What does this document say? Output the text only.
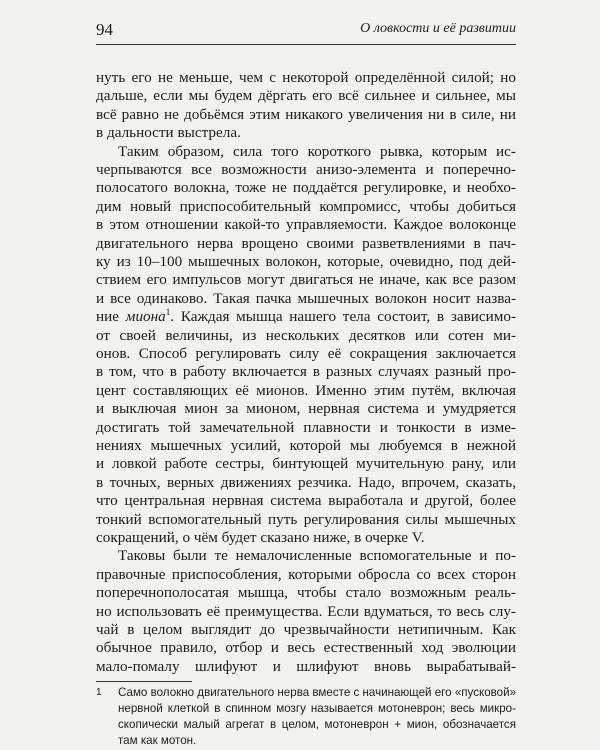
94	О ловкости и её развитии
нуть его не меньше, чем с некоторой определённой силой; но
дальше, если мы будем дёргать его всё сильнее и сильнее, мы
всё равно не добьёмся этим никакого увеличения ни в силе, ни
в дальности выстрела.
Таким образом, сила того короткого рывка, которым ис-
черпываются все возможности анизо-элемента и поперечно-
полосатого волокна, тоже не поддаётся регулировке, и необхо-
дим новый приспособительный компромисс, чтобы добиться
в этом отношении какой-то управляемости. Каждое волоконце
двигательного нерва врощено своими разветвлениями в пач-
ку из 10–100 мышечных волокон, которые, очевидно, под дей-
ствием его импульсов могут двигаться не иначе, как все разом
и все одинаково. Такая пачка мышечных волокон носит назва-
ние миона$^1$. Каждая мышца нашего тела состоит, в зависимо-
от своей величины, из нескольких десятков или сотен ми-
онов. Способ регулировать силу её сокращения заключается
в том, что в работу включается в разных случаях разный про-
цент составляющих её мионов. Именно этим путём, включая
и выключая мион за мионом, нервная система и умудряется
достигать той замечательной плавности и тонкости в изме-
нениях мышечных усилий, которой мы любуемся в нежной
и ловкой работе сестры, бинтующей мучительную рану, или
в точных, верных движениях резчика. Надо, впрочем, сказать,
что центральная нервная система выработала и другой, более
тонкий вспомогательный путь регулирования силы мышечных
сокращений, о чём будет сказано ниже, в очерке V.
Таковы были те немалочисленные вспомогательные и по-
правочные приспособления, которыми обросла со всех сторон
поперечнополосатая мышца, чтобы стало возможным реаль-
но использовать её преимущества. Если вдуматься, то весь слу-
чай в целом выглядит до чрезвычайности нетипичным. Как
обычное правило, отбор и весь естественный ход эволюции
мало-помалу шлифуют и шлифуют вновь вырабатывай-
1 Само волокно двигательного нерва вместе с начинающей его «пусковой»
нервной клеткой в спинном мозгу называется мотоневрон; весь микро-
скопически малый агрегат в целом, мотоневрон + мион, обозначается
там как мотон.
